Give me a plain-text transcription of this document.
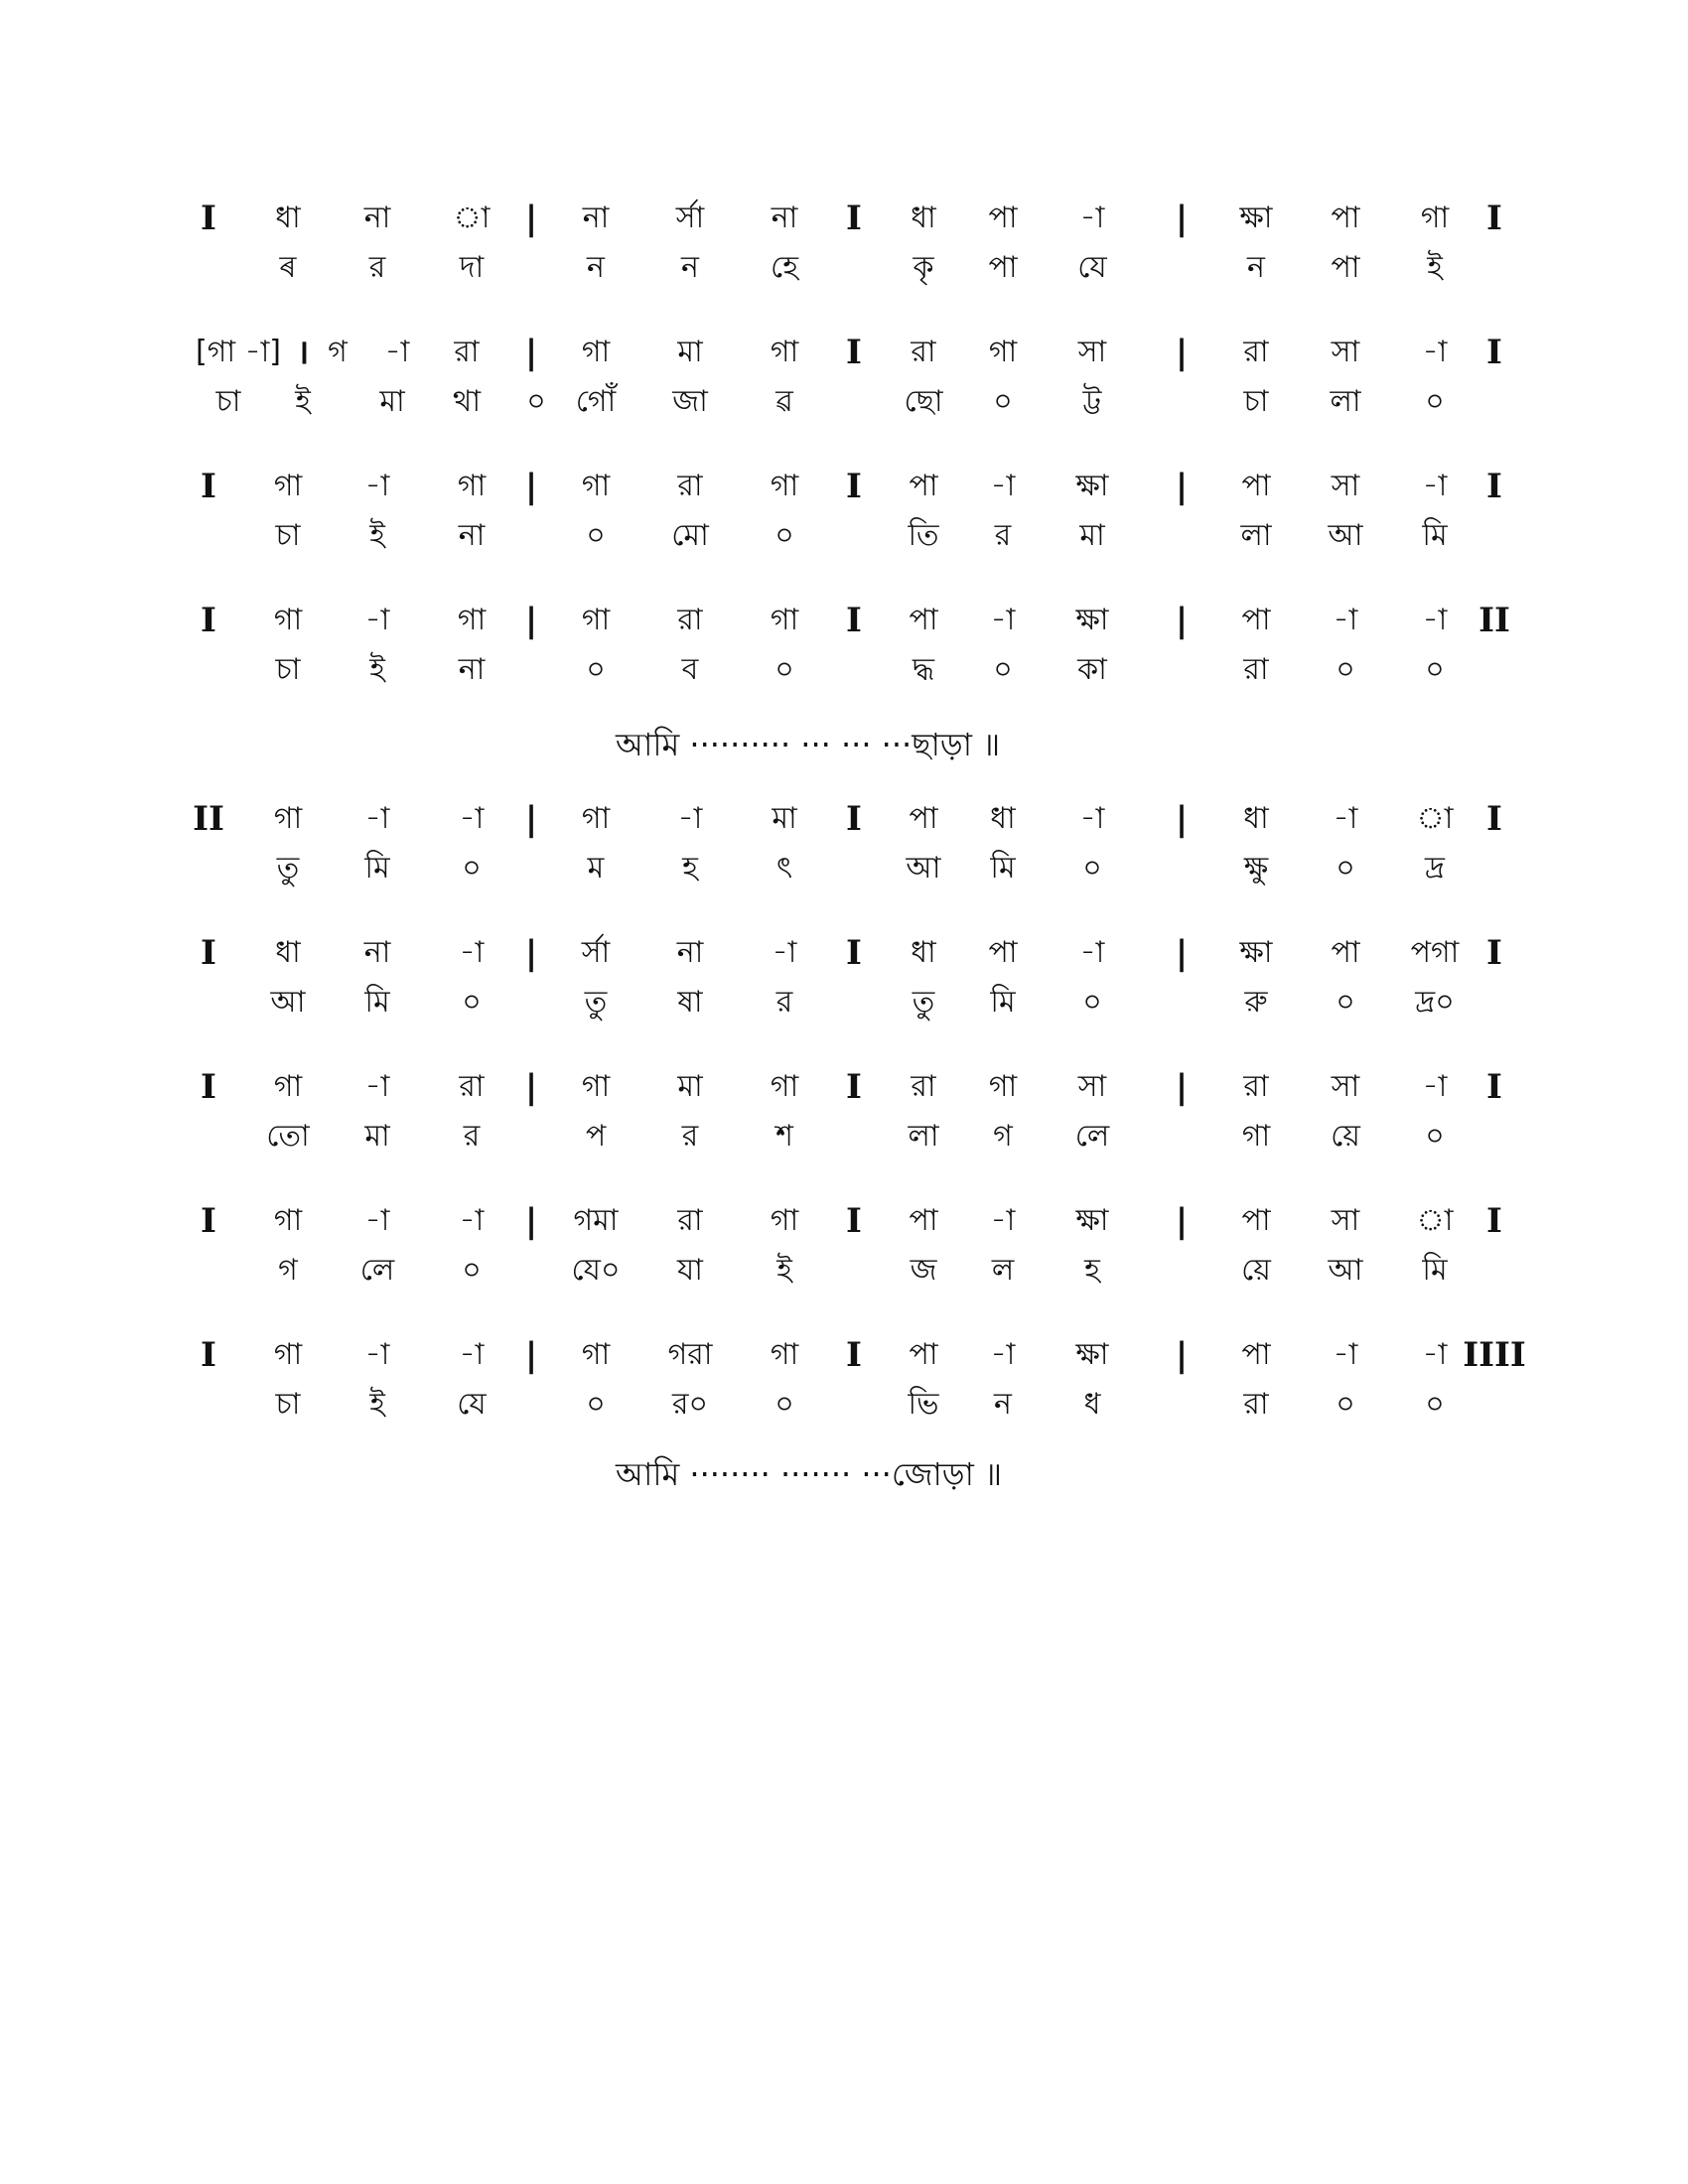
I ধা না া | না র্সা না I ধা পা -া | ক্ষা পা গা I
ৰ র দা	ন	ন হে	কৃ পা যে	ন পা ই
[গা -া] । গ -া রা | গা মা গা I রা গা সা | রা সা -া I
চা ই মা থা ০ গোঁ জা ৱ	ছো ০ ট্ট	চা লা ০
I গা -া গা | গা রা গা I পা -া ক্ষা | পা সা -া I
চা ই না	০ মো ০	তি র মা	লা আ মি
I গা -া গা | গা রা গা I পা -া ক্ষা | পা -া -া II
চা ই না	০	ব	০	দ্ধ ০ কা	রা ০ ০
আমি ·········· ··· ··· ···ছাড়া ॥
II গা -া -া | গা -া মা I পা ধা -া | ধা -া া I
তু মি ০	ম	হ	ৎ	আ মি ০	ক্ষু ০ দ্র
I ধা না -া | র্সা না -া I ধা পা -া | ক্ষা পা পগা I
আ মি ০	তু ষা র	তু মি ০	রু ০ দ্র০
I গা -া রা | গা মা গা I রা গা সা | রা সা -া I
তো মা র	প	র	শ	লা গ লে	গা য়ে ০
I গা -া -া | গমা রা গা I পা -া ক্ষা | পা সা া I
গ লে ০	যে০ যা ই	জ ল হ	য়ে আ মি
I গা -া -া | গা গরা গা I পা -া ক্ষা | পা -া -া IIII
চা ই যে	০ র০ ০	ভি ন ধ	রা ০ ০
আমি ········ ······· ···জোড়া ॥
